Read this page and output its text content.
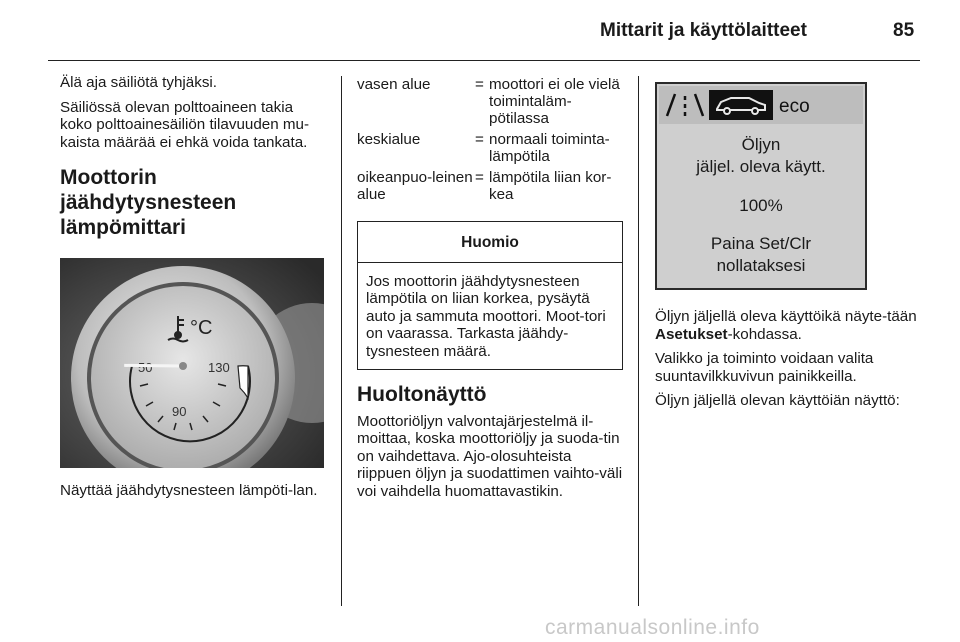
Mittarit ja käyttölaitteet	85

Älä aja säiliötä tyhjäksi.

Säiliössä olevan polttoaineen takia koko polttoainesäiliön tilavuuden mu-kaista määrää ei ehkä voida tankata.

Moottorin
jäähdytysnesteen
lämpömittari
50
90
130
°C

Näyttää jäähdytysnesteen lämpöti-lan.

vasen alue	=	moottori ei ole vielä toimintaläm-pötilassa
keskialue	=	normaali toiminta-lämpötila
oikeanpuo-leinen alue	=	lämpötila liian kor-kea
Huomio
Jos moottorin jäähdytysnesteen lämpötila on liian korkea, pysäytä auto ja sammuta moottori. Moot-tori on vaarassa. Tarkasta jäähdy-tysnesteen määrä.
Huoltonäyttö

Moottoriöljyn valvontajärjestelmä il-moittaa, koska moottoriöljy ja suoda-tin on vaihdettava. Ajo-olosuhteista riippuen öljyn ja suodattimen vaihto-väli voi vaihdella huomattavastikin.

eco
Öljyn
jäljel. oleva käytt.
100%
Paina Set/Clr
nollataksesi

Öljyn jäljellä oleva käyttöikä näyte-tään Asetukset-kohdassa.

Valikko ja toiminto voidaan valita suuntavilkkuvivun painikkeilla.

Öljyn jäljellä olevan käyttöiän näyttö:

carmanualsonline.info
